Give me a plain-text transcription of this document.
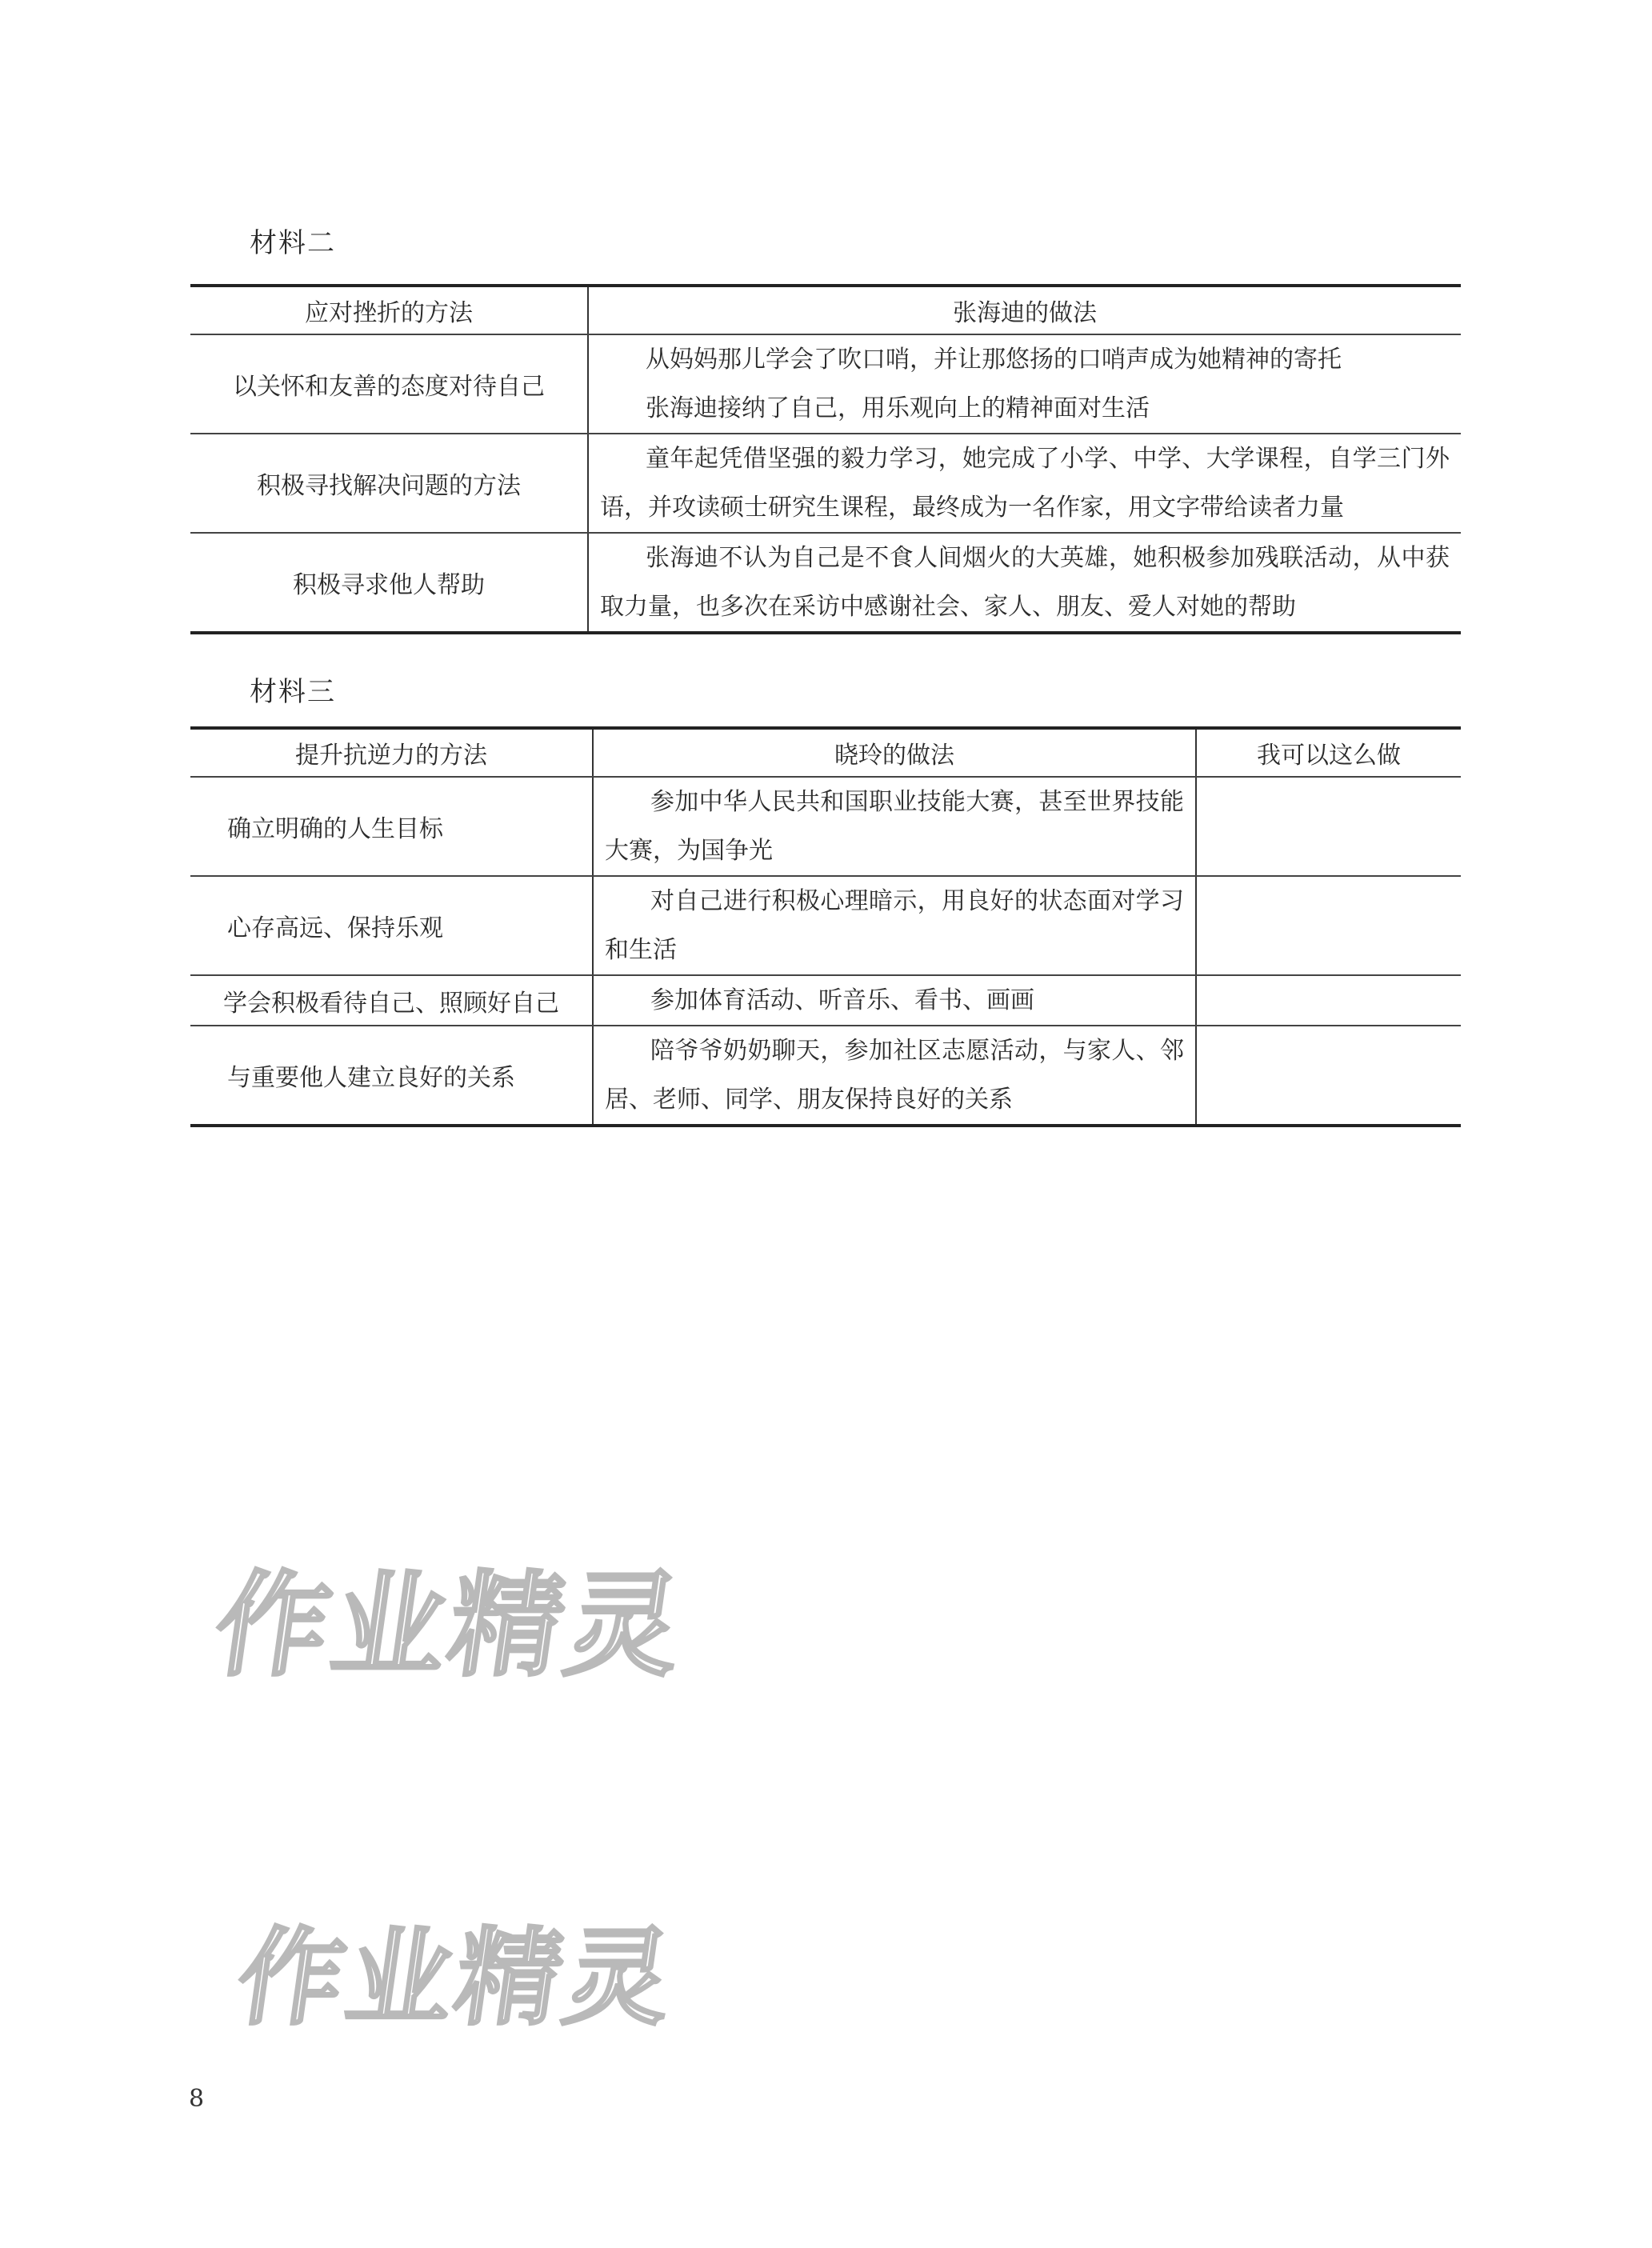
材料二
应对挫折的方法	张海迪的做法
以关怀和友善的态度对待自己	从妈妈那儿学会了吹口哨，并让那悠扬的口哨声成为她精神的寄托
张海迪接纳了自己，用乐观向上的精神面对生活

积极寻找解决问题的方法	童年起凭借坚强的毅力学习，她完成了小学、中学、大学课程，自学三门外语，并攻读硕士研究生课程，最终成为一名作家，用文字带给读者力量

积极寻求他人帮助	张海迪不认为自己是不食人间烟火的大英雄，她积极参加残联活动，从中获取力量，也多次在采访中感谢社会、家人、朋友、爱人对她的帮助
材料三
提升抗逆力的方法	晓玲的做法	我可以这么做
确立明确的人生目标	参加中华人民共和国职业技能大赛，甚至世界技能大赛，为国争光	

心存高远、保持乐观	对自己进行积极心理暗示，用良好的状态面对学习和生活	

学会积极看待自己、照顾好自己	参加体育活动、听音乐、看书、画画	

与重要他人建立良好的关系	陪爷爷奶奶聊天，参加社区志愿活动，与家人、邻居、老师、同学、朋友保持良好的关系	

作业精灵
作业精灵
8
